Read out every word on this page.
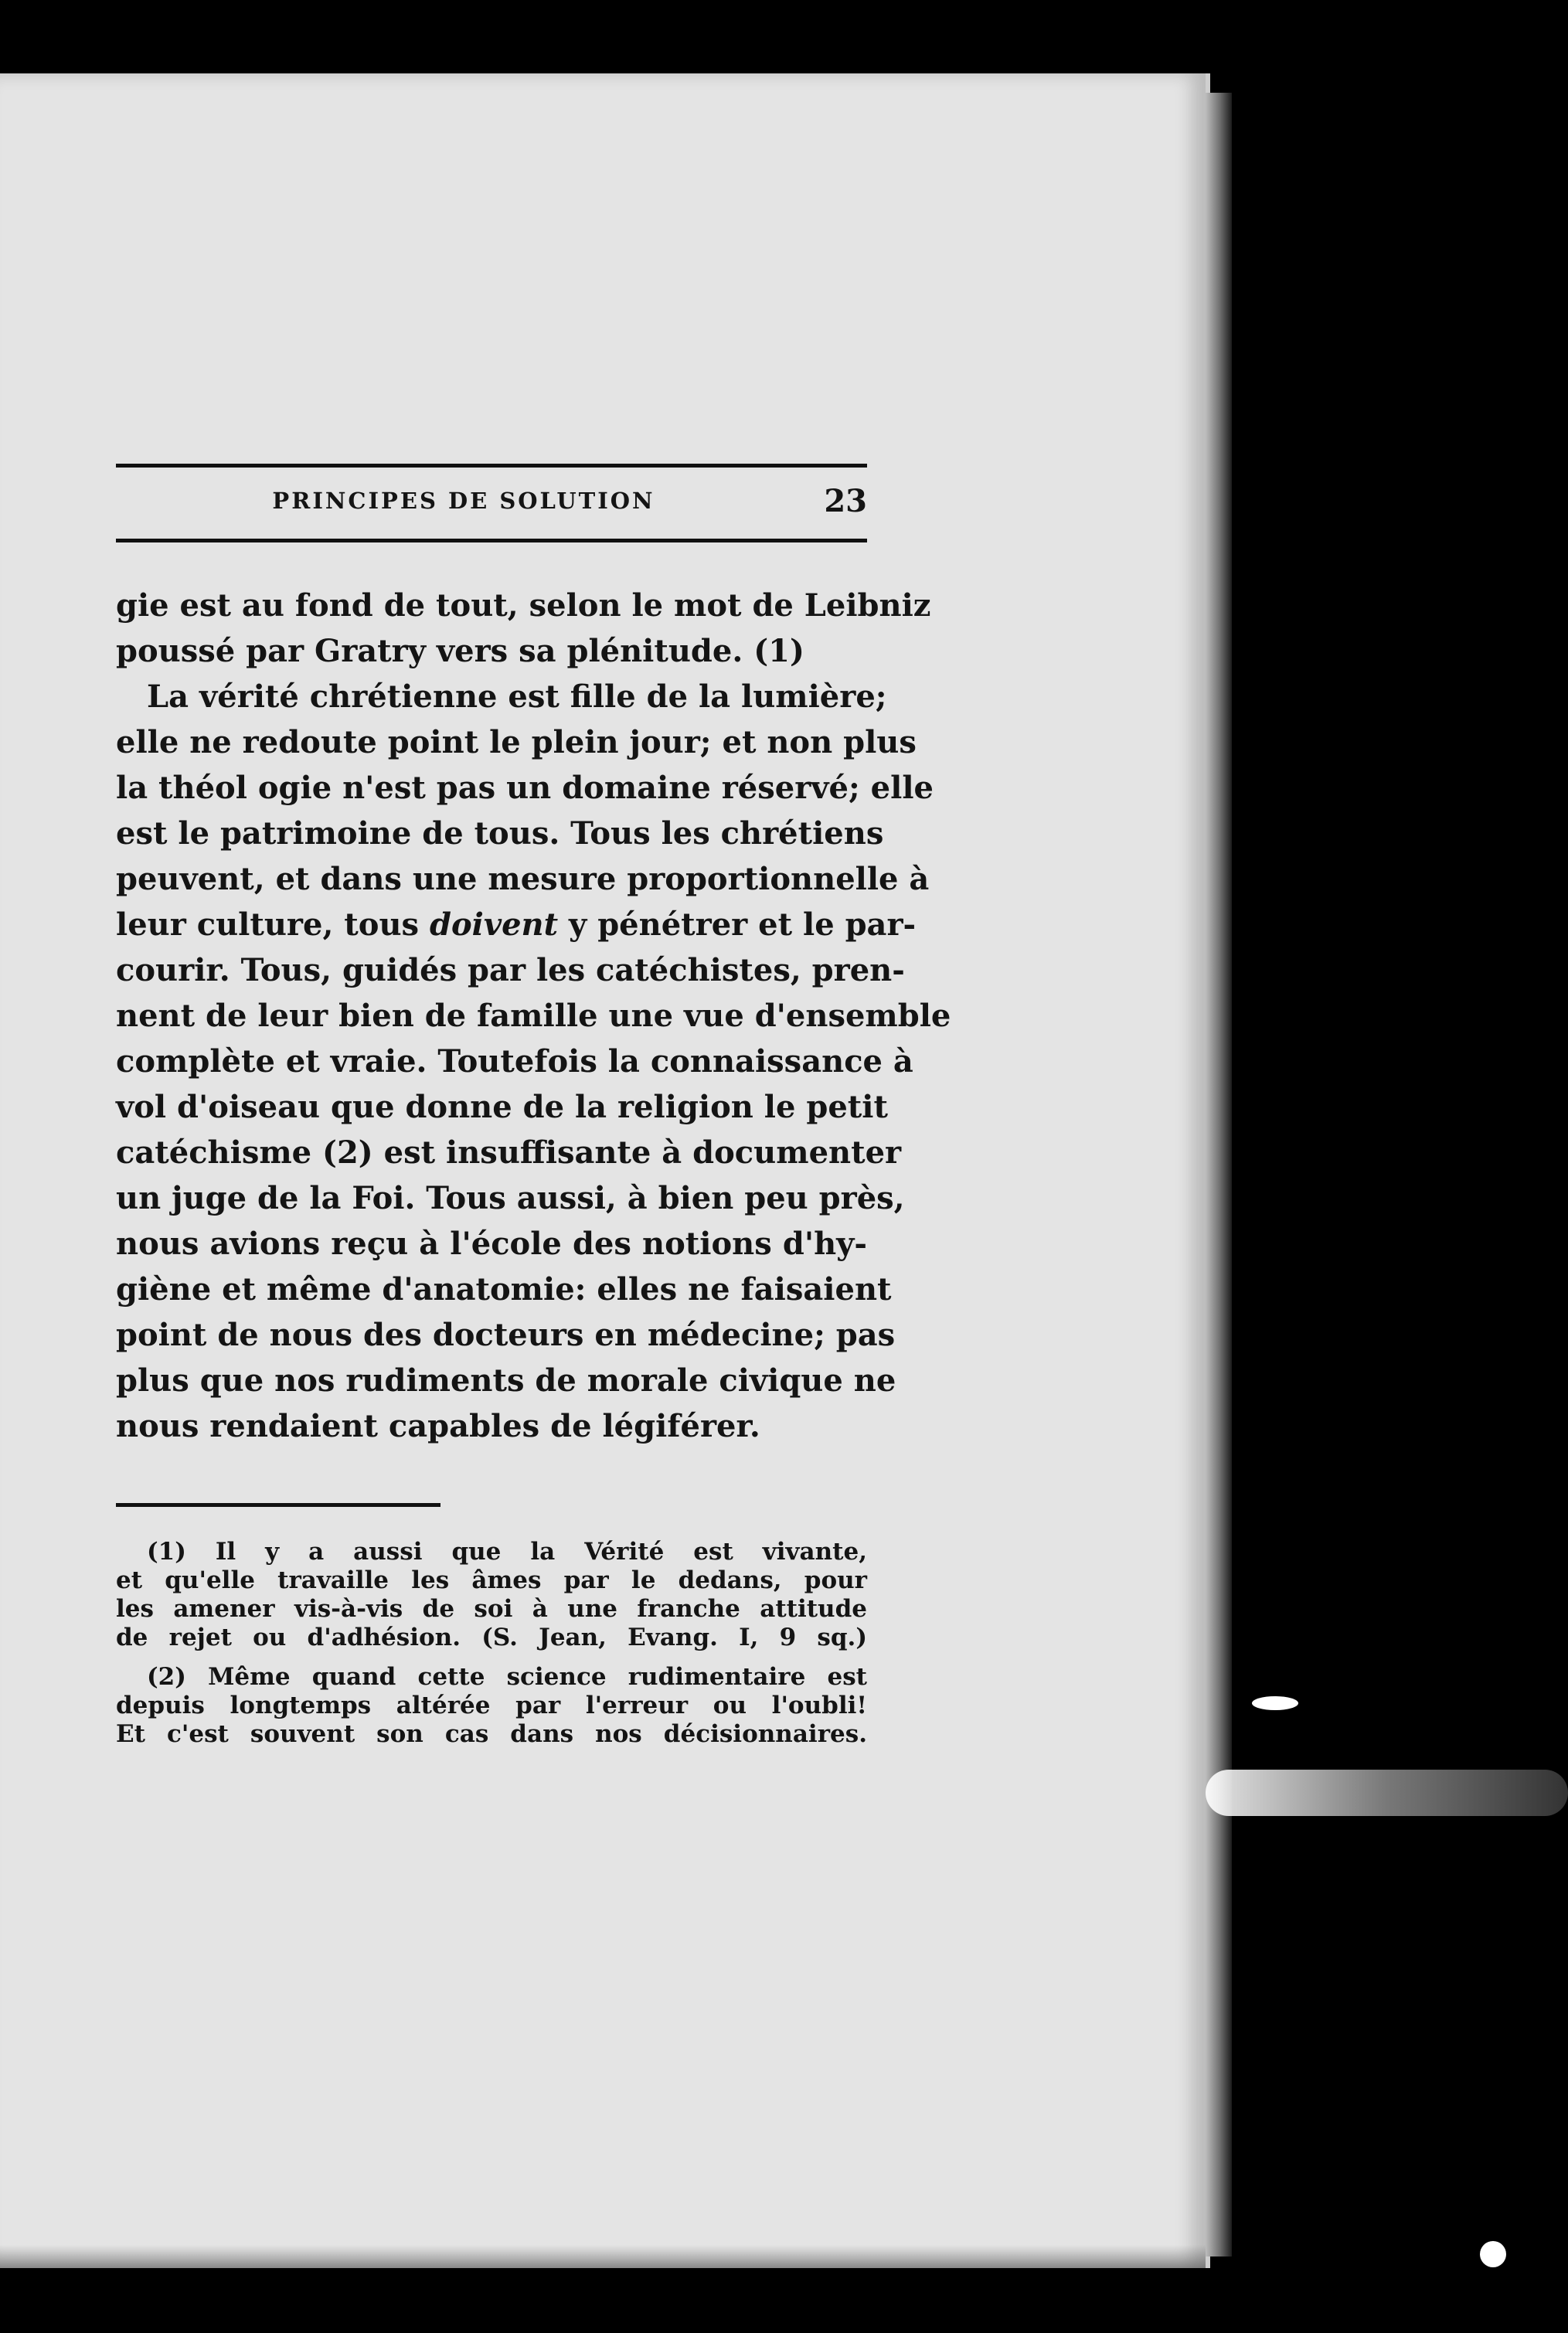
PRINCIPES DE SOLUTION	23
gie est au fond de tout, selon le mot de Leibniz
poussé par Gratry vers sa plénitude. (1)
La vérité chrétienne est fille de la lumière;
elle ne redoute point le plein jour; et non plus
la théol ogie n'est pas un domaine réservé; elle
est le patrimoine de tous. Tous les chrétiens
peuvent, et dans une mesure proportionnelle à
leur culture, tous doivent y pénétrer et le par-
courir. Tous, guidés par les catéchistes, pren-
nent de leur bien de famille une vue d'ensemble
complète et vraie. Toutefois la connaissance à
vol d'oiseau que donne de la religion le petit
catéchisme (2) est insuffisante à documenter
un juge de la Foi. Tous aussi, à bien peu près,
nous avions reçu à l'école des notions d'hy-
giène et même d'anatomie: elles ne faisaient
point de nous des docteurs en médecine; pas
plus que nos rudiments de morale civique ne
nous rendaient capables de légiférer.
(1) Il y a aussi que la Vérité est vivante,
et qu'elle travaille les âmes par le dedans, pour
les amener vis-à-vis de soi à une franche attitude
de rejet ou d'adhésion. (S. Jean, Evang. I, 9 sq.)
(2) Même quand cette science rudimentaire est
depuis longtemps altérée par l'erreur ou l'oubli!
Et c'est souvent son cas dans nos décisionnaires.
